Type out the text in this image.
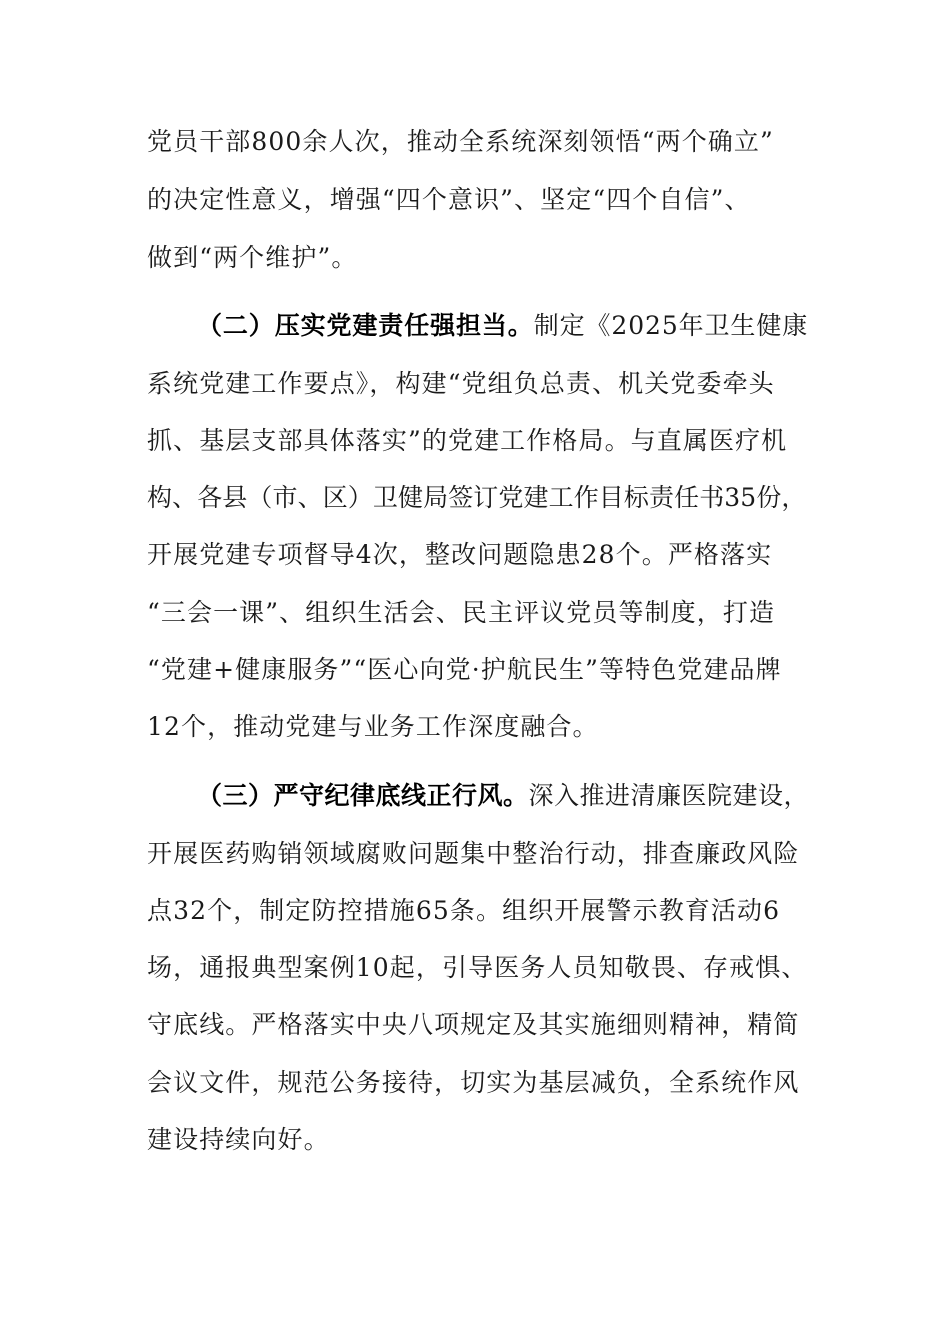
党员干部800余人次，推动全系统深刻领悟“两个确立”
的决定性意义，增强“四个意识”、坚定“四个自信”、
做到“两个维护”。
（二）压实党建责任强担当。制定《2025年卫生健康
系统党建工作要点》，构建“党组负总责、机关党委牵头
抓、基层支部具体落实”的党建工作格局。与直属医疗机
构、各县（市、区）卫健局签订党建工作目标责任书35份，
开展党建专项督导4次，整改问题隐患28个。严格落实
“三会一课”、组织生活会、民主评议党员等制度，打造
“党建+健康服务”“医心向党·护航民生”等特色党建品牌
12个，推动党建与业务工作深度融合。
（三）严守纪律底线正行风。深入推进清廉医院建设，
开展医药购销领域腐败问题集中整治行动，排查廉政风险
点32个，制定防控措施65条。组织开展警示教育活动6
场，通报典型案例10起，引导医务人员知敬畏、存戒惧、
守底线。严格落实中央八项规定及其实施细则精神，精简
会议文件，规范公务接待，切实为基层减负，全系统作风
建设持续向好。
